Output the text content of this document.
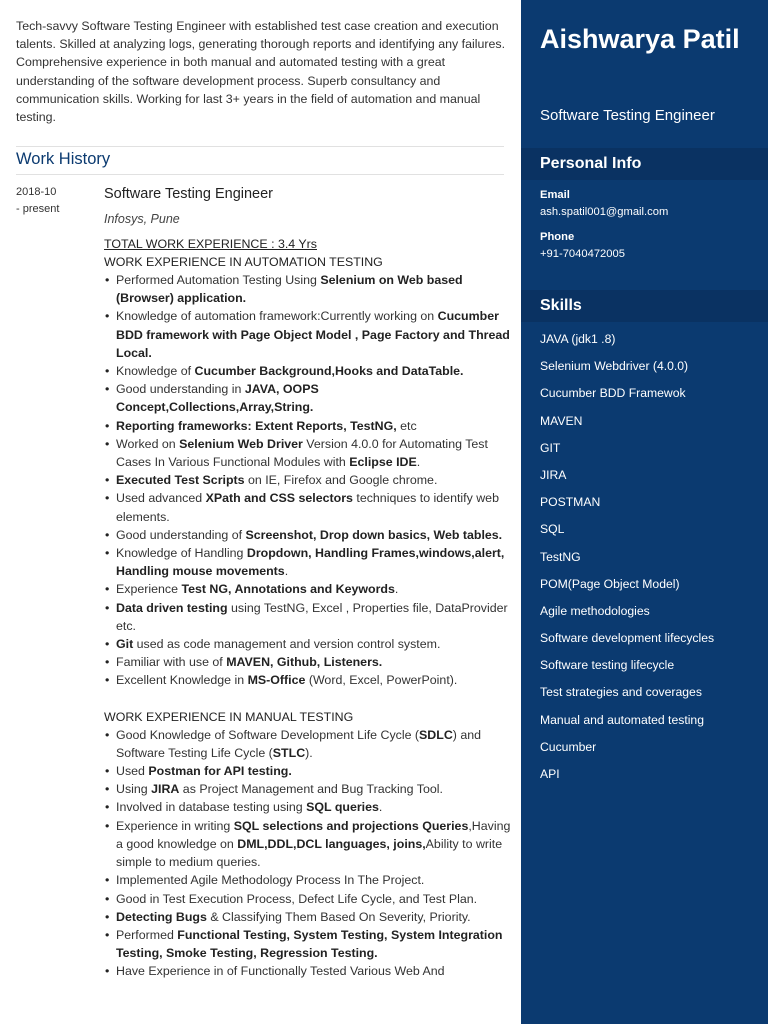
Tech-savvy Software Testing Engineer with established test case creation and execution talents. Skilled at analyzing logs, generating thorough reports and identifying any failures. Comprehensive experience in both manual and automated testing with a great understanding of the software development process. Superb consultancy and communication skills. Working for last 3+ years in the field of automation and manual testing.
Work History
2018-10
- present
Software Testing Engineer
Infosys, Pune
TOTAL WORK EXPERIENCE : 3.4 Yrs
WORK EXPERIENCE IN AUTOMATION TESTING
• Performed Automation Testing Using Selenium on Web based (Browser) application.
• Knowledge of automation framework:Currently working on Cucumber BDD framework with Page Object Model , Page Factory and Thread Local.
• Knowledge of Cucumber Background,Hooks and DataTable.
• Good understanding in JAVA, OOPS Concept,Collections,Array,String.
• Reporting frameworks: Extent Reports, TestNG, etc
• Worked on Selenium Web Driver Version 4.0.0 for Automating Test Cases In Various Functional Modules with Eclipse IDE.
• Executed Test Scripts on IE, Firefox and Google chrome.
• Used advanced XPath and CSS selectors techniques to identify web elements.
• Good understanding of Screenshot, Drop down basics, Web tables.
• Knowledge of Handling Dropdown, Handling Frames,windows,alert, Handling mouse movements.
• Experience Test NG, Annotations and Keywords.
• Data driven testing using TestNG, Excel , Properties file, DataProvider etc.
• Git used as code management and version control system.
• Familiar with use of MAVEN, Github, Listeners.
• Excellent Knowledge in MS-Office (Word, Excel, PowerPoint).
WORK EXPERIENCE IN MANUAL TESTING
• Good Knowledge of Software Development Life Cycle (SDLC) and Software Testing Life Cycle (STLC).
• Used Postman for API testing.
• Using JIRA as Project Management and Bug Tracking Tool.
• Involved in database testing using SQL queries.
• Experience in writing SQL selections and projections Queries,Having a good knowledge on DML,DDL,DCL languages, joins,Ability to write simple to medium queries.
• Implemented Agile Methodology Process In The Project.
• Good in Test Execution Process, Defect Life Cycle, and Test Plan.
• Detecting Bugs & Classifying Them Based On Severity, Priority.
• Performed Functional Testing, System Testing, System Integration Testing, Smoke Testing, Regression Testing.
• Have Experience in of Functionally Tested Various Web And
Aishwarya Patil
Software Testing Engineer
Personal Info
Email
ash.spatil001@gmail.com
Phone
+91-7040472005
Skills
JAVA (jdk1 .8)
Selenium Webdriver (4.0.0)
Cucumber BDD Framewok
MAVEN
GIT
JIRA
POSTMAN
SQL
TestNG
POM(Page Object Model)
Agile methodologies
Software development lifecycles
Software testing lifecycle
Test strategies and coverages
Manual and automated testing
Cucumber
API
